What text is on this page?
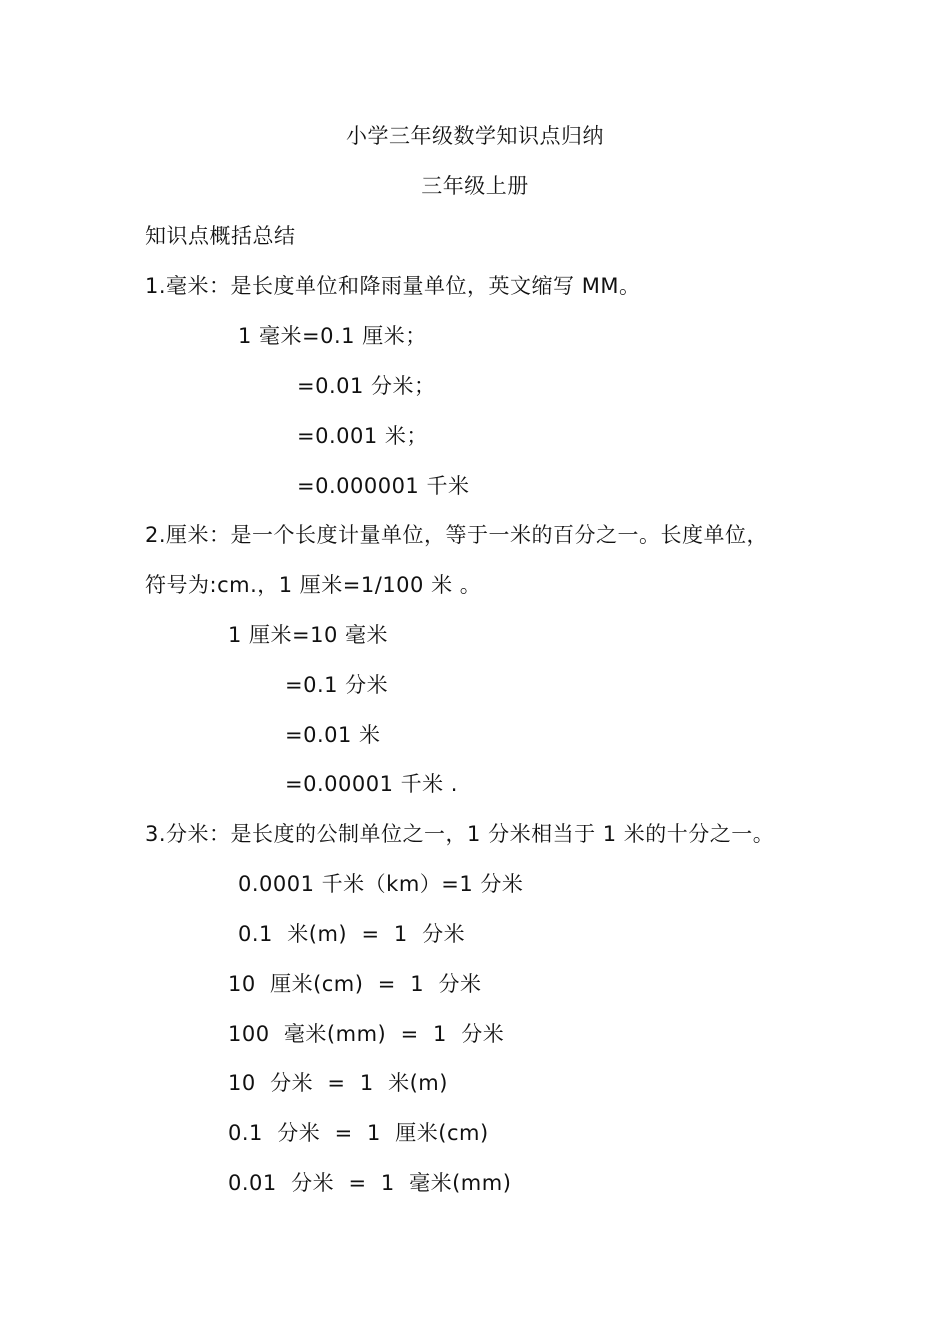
小学三年级数学知识点归纳
三年级上册
知识点概括总结
1.毫米：是长度单位和降雨量单位，英文缩写 MM。
1 毫米=0.1 厘米；
=0.01 分米；
=0.001 米；
=0.000001 千米
2.厘米：是一个长度计量单位，等于一米的百分之一。长度单位，
符号为:cm.，1 厘米=1/100 米 。
1 厘米=10 毫米
=0.1 分米
=0.01 米
=0.00001 千米 .
3.分米：是长度的公制单位之一，1 分米相当于 1 米的十分之一。
0.0001 千米（km）=1 分米
0.1  米(m)  =  1  分米
10  厘米(cm)  =  1  分米
100  毫米(mm)  =  1  分米
10  分米  =  1  米(m)
0.1  分米  =  1  厘米(cm)
0.01  分米  =  1  毫米(mm)
